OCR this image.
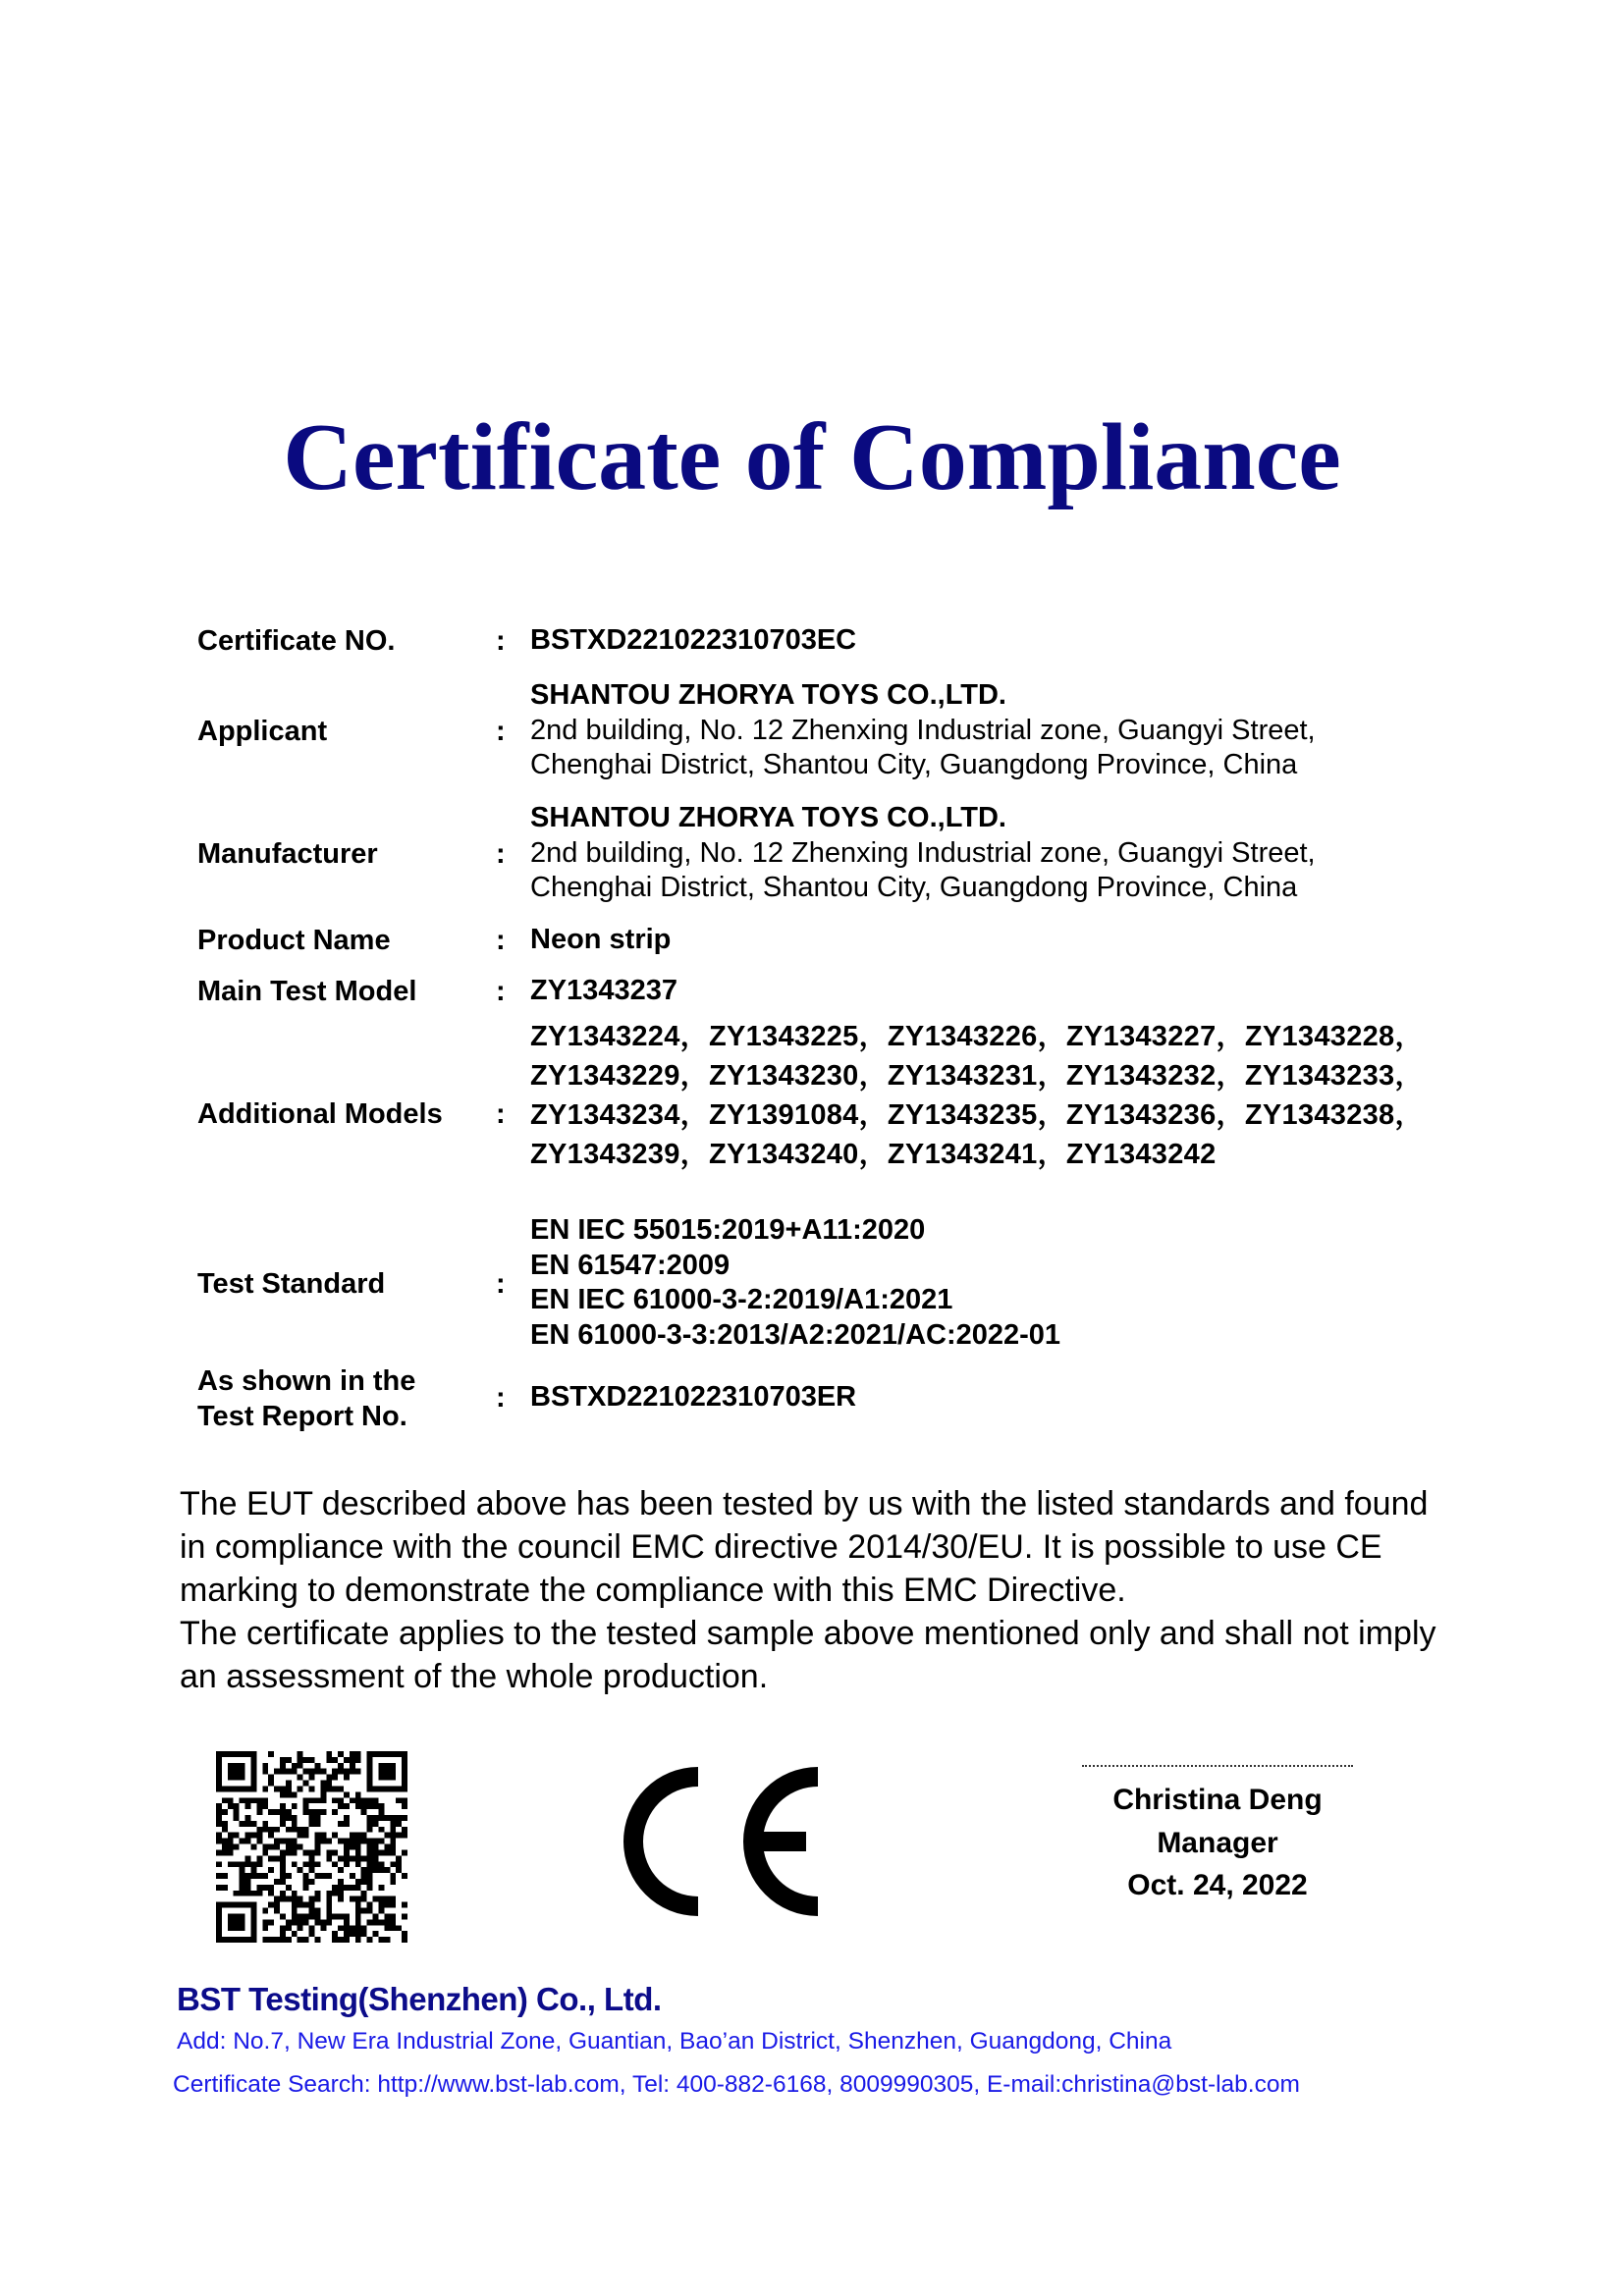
Certificate of Compliance
Certificate NO.	: BSTXD221022310703EC
Applicant	:
SHANTOU ZHORYA TOYS CO.,LTD.
2nd building, No. 12 Zhenxing Industrial zone, Guangyi Street,
Chenghai District, Shantou City, Guangdong Province, China
Manufacturer	:
SHANTOU ZHORYA TOYS CO.,LTD.
2nd building, No. 12 Zhenxing Industrial zone, Guangyi Street,
Chenghai District, Shantou City, Guangdong Province, China
Product Name	: Neon strip
Main Test Model	: ZY1343237
Additional Models :
ZY1343224，ZY1343225，ZY1343226，ZY1343227，ZY1343228，
ZY1343229，ZY1343230，ZY1343231，ZY1343232，ZY1343233，
ZY1343234，ZY1391084，ZY1343235，ZY1343236，ZY1343238，
ZY1343239，ZY1343240，ZY1343241，ZY1343242
Test Standard	:
EN IEC 55015:2019+A11:2020
EN 61547:2009
EN IEC 61000-3-2:2019/A1:2021
EN 61000-3-3:2013/A2:2021/AC:2022-01
As shown in the
Test Report No.
: BSTXD221022310703ER
The EUT described above has been tested by us with the listed standards and found
in compliance with the council EMC directive 2014/30/EU. It is possible to use CE
marking to demonstrate the compliance with this EMC Directive.
The certificate applies to the tested sample above mentioned only and shall not imply
an assessment of the whole production.
Christina Deng
Manager
Oct. 24, 2022
BST Testing(Shenzhen) Co., Ltd.
Add: No.7, New Era Industrial Zone, Guantian, Bao’an District, Shenzhen, Guangdong, China
Certificate Search: http://www.bst-lab.com, Tel: 400-882-6168, 8009990305, E-mail:christina@bst-lab.com
